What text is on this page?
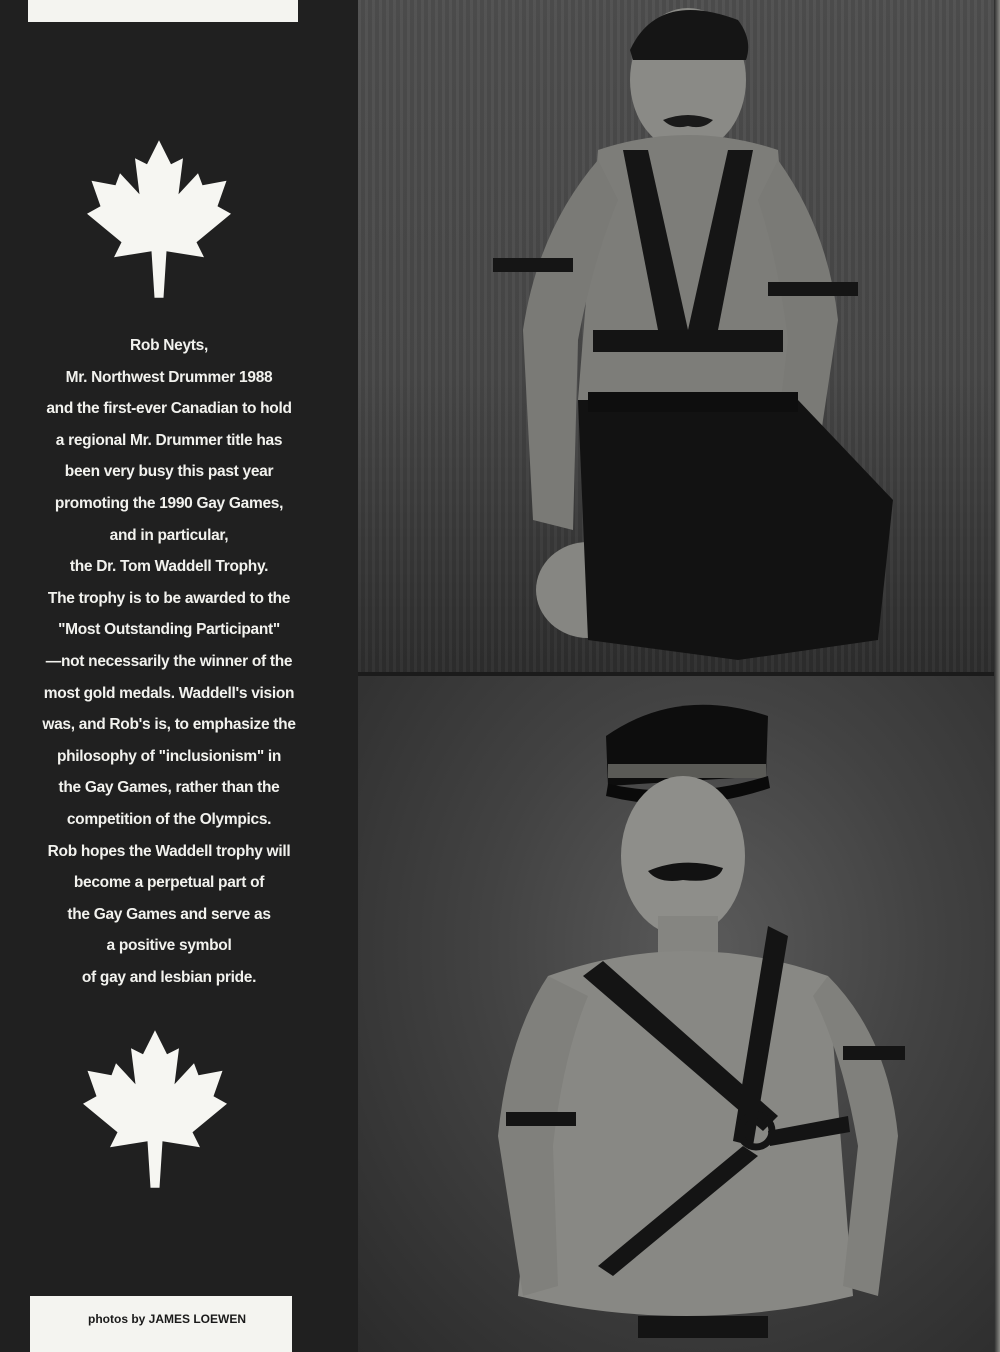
Rob Neyts,
Mr. Northwest Drummer 1988
and the first-ever Canadian to hold
a regional Mr. Drummer title has
been very busy this past year
promoting the 1990 Gay Games,
and in particular,
the Dr. Tom Waddell Trophy.
The trophy is to be awarded to the
"Most Outstanding Participant"
—not necessarily the winner of the
most gold medals. Waddell's vision
was, and Rob's is, to emphasize the
philosophy of "inclusionism" in
the Gay Games, rather than the
competition of the Olympics.
Rob hopes the Waddell trophy will
become a perpetual part of
the Gay Games and serve as
a positive symbol
of gay and lesbian pride.
photos by JAMES LOEWEN
